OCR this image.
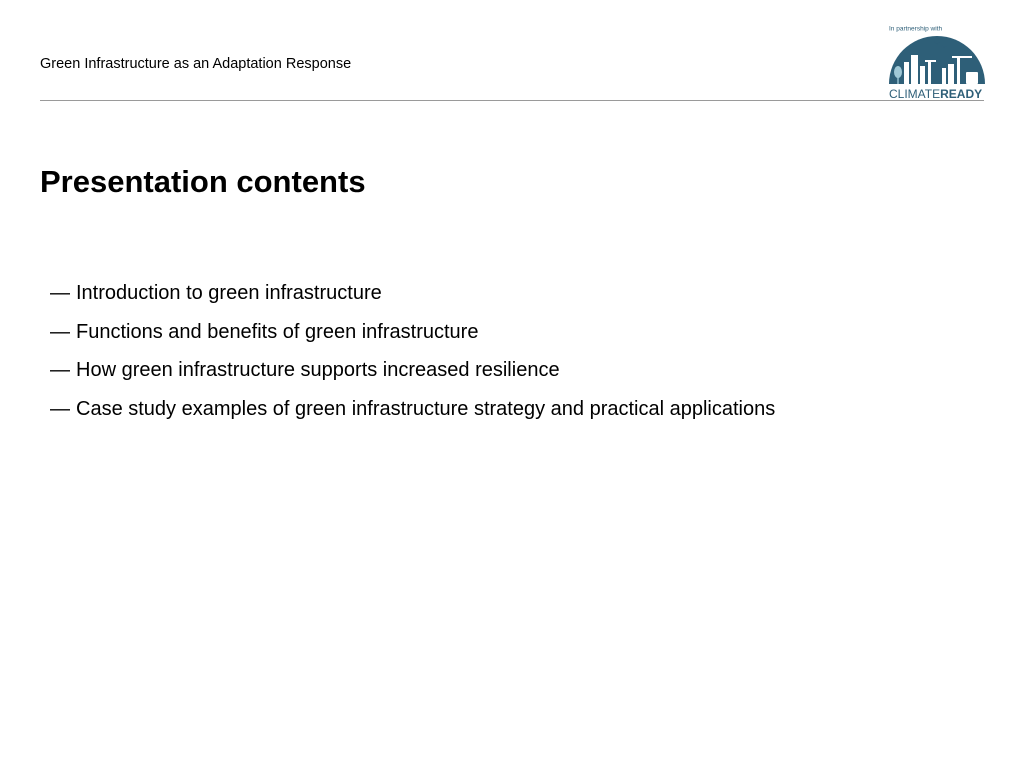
Green Infrastructure as an Adaptation Response
In partnership with
CLIMATEREADY
Presentation contents
— Introduction to green infrastructure
— Functions and benefits of green infrastructure
— How green infrastructure supports increased resilience
— Case study examples of green infrastructure strategy and practical applications
